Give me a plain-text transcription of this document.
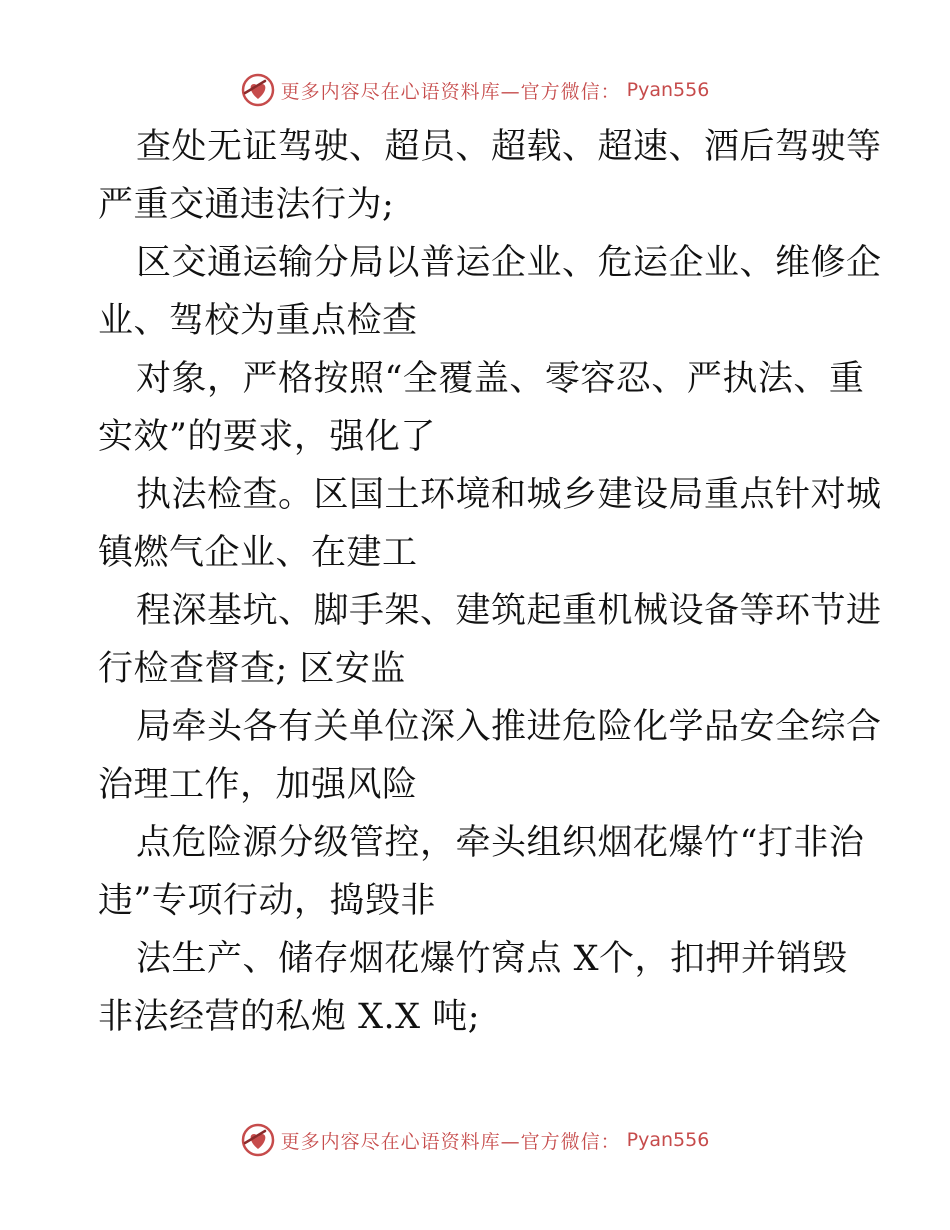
更多内容尽在心语资料库—官方微信： Pyan556
查处无证驾驶、超员、超载、超速、酒后驾驶等
严重交通违法行为;
区交通运输分局以普运企业、危运企业、维修企
业、驾校为重点检查
对象，严格按照“全覆盖、零容忍、严执法、重
实效”的要求，强化了
执法检查。区国土环境和城乡建设局重点针对城
镇燃气企业、在建工
程深基坑、脚手架、建筑起重机械设备等环节进
行检查督查; 区安监
局牵头各有关单位深入推进危险化学品安全综合
治理工作，加强风险
点危险源分级管控，牵头组织烟花爆竹“打非治
违”专项行动，捣毁非
法生产、储存烟花爆竹窝点 X个，扣押并销毁
非法经营的私炮 X.X 吨;
更多内容尽在心语资料库—官方微信： Pyan556
